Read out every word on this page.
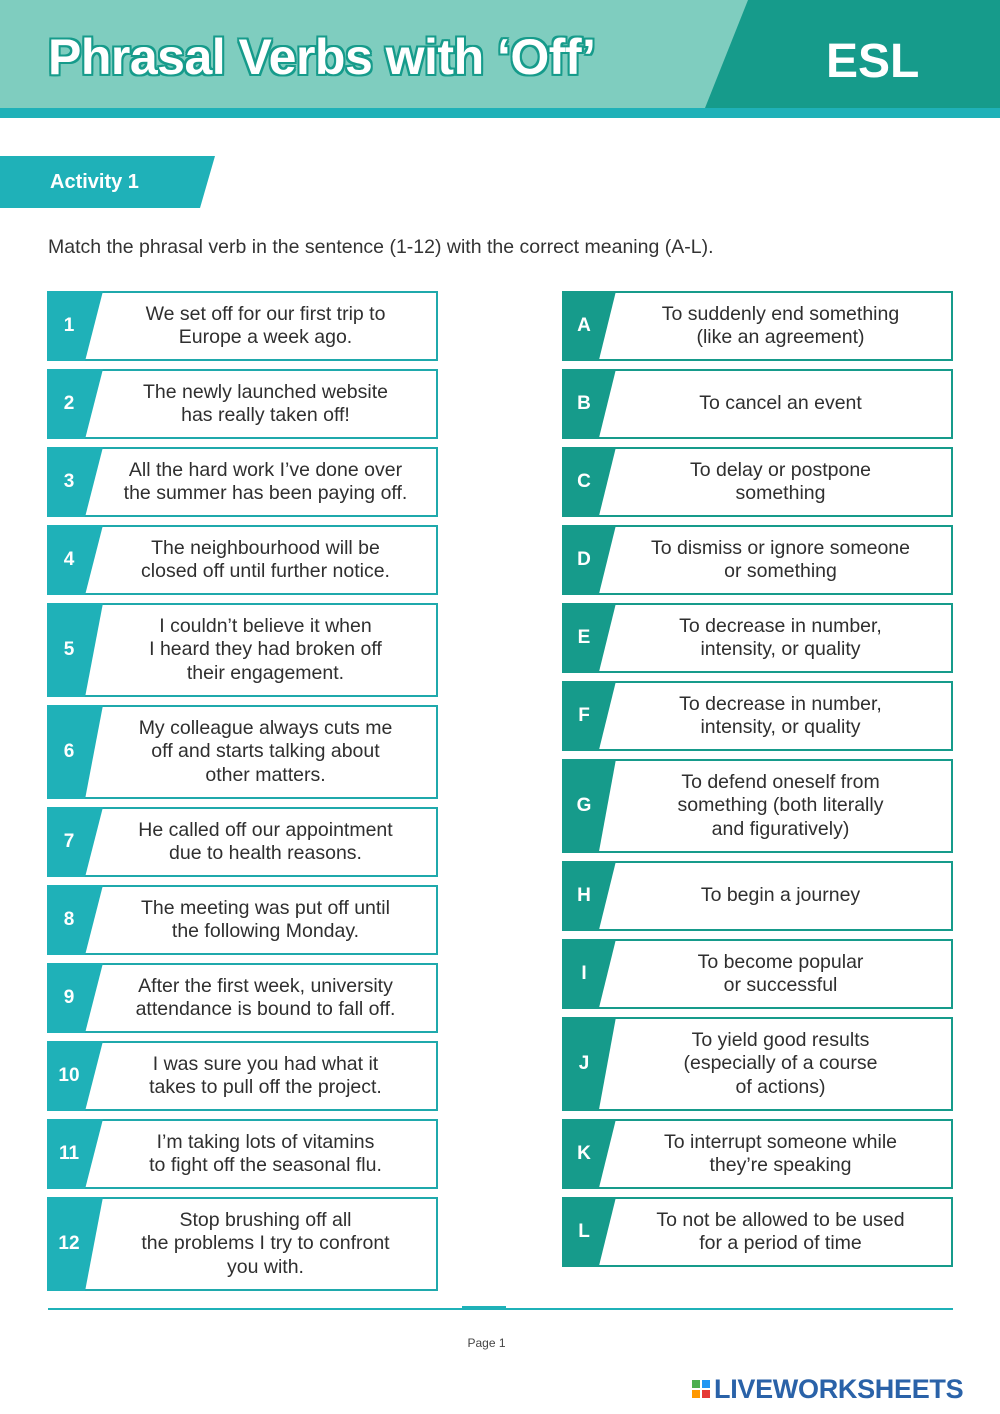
Phrasal Verbs with ‘Off’	ESL
Activity 1

Match the phrasal verb in the sentence (1-12) with the correct meaning (A-L).

1
We set off for our first trip to
Europe a week ago.
2
The newly launched website
has really taken off!
3
All the hard work I’ve done over
the summer has been paying off.
4
The neighbourhood will be
closed off until further notice.
5
I couldn’t believe it when
I heard they had broken off
their engagement.
6
My colleague always cuts me
off and starts talking about
other matters.
7
He called off our appointment
due to health reasons.
8
The meeting was put off until
the following Monday.
9
After the first week, university
attendance is bound to fall off.
10
I was sure you had what it
takes to pull off the project.
11
I’m taking lots of vitamins
to fight off the seasonal flu.
12
Stop brushing off all
the problems I try to confront
you with.
A
To suddenly end something
(like an agreement)
B	To cancel an event
C
To delay or postpone
something
D
To dismiss or ignore someone
or something
E
To decrease in number,
intensity, or quality
F
To decrease in number,
intensity, or quality
G
To defend oneself from
something (both literally
and figuratively)
H	To begin a journey
I
To become popular
or successful
J
To yield good results
(especially of a course
of actions)
K
To interrupt someone while
they’re speaking
L
To not be allowed to be used
for a period of time
Page 1
LIVEWORKSHEETS
